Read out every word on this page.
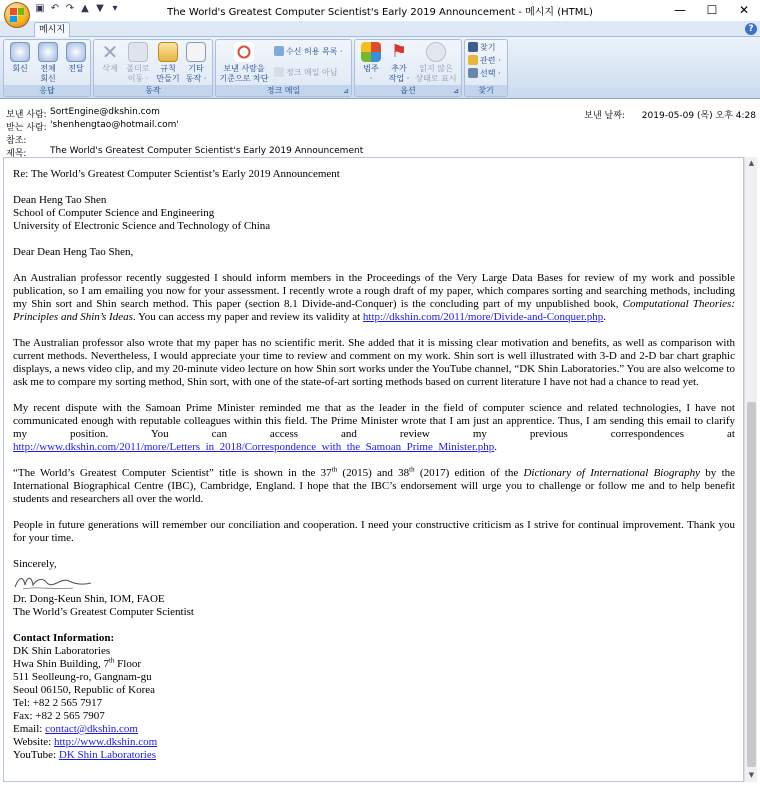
▣ ↶ ↷ ▲ ▼ ▾	The World's Greatest Computer Scientist's Early 2019 Announcement - 메시지 (HTML)	—	☐	✕
메시지	?
회신	전체
회신
전달
응답
✕
삭제	폴더로
이동 ·
규칙
만들기
기타
동작 ·
동작
보낸 사람을
기준으로 차단
수신 허용 목록 ·
정크 메일 아님
정크 메일	⊿
범주
·
⚑
추가
작업 ·
읽지 않은
상태로 표시
옵션	⊿
찾기
관련 ·
선택 ·
찾기
보낸 사람: SortEngine@dkshin.com
받는 사람: 'shenhengtao@hotmail.com'
참조:
제목:	The World's Greatest Computer Scientist's Early 2019 Announcement
보낸 날짜: 2019-05-09 (목) 오후 4:28

Re: The World’s Greatest Computer Scientist’s Early 2019 Announcement

Dean Heng Tao Shen
School of Computer Science and Engineering
University of Electronic Science and Technology of China

Dear Dean Heng Tao Shen,

An Australian professor recently suggested I should inform members in the Proceedings of the Very Large Data Bases for review of my work and possible publication, so I am emailing you now for your assessment. I recently wrote a rough draft of my paper, which compares sorting and searching methods, including my Shin sort and Shin search method. This paper (section 8.1 Divide-and-Conquer) is the concluding part of my unpublished book, Computational Theories: Principles and Shin’s Ideas. You can access my paper and review its validity at http://dkshin.com/2011/more/Divide-and-Conquer.php.

The Australian professor also wrote that my paper has no scientific merit. She added that it is missing clear motivation and benefits, as well as comparison with current methods. Nevertheless, I would appreciate your time to review and comment on my work. Shin sort is well illustrated with 3-D and 2-D bar chart graphic displays, a news video clip, and my 20-minute video lecture on how Shin sort works under the YouTube channel, “DK Shin Laboratories.” You are also welcome to ask me to compare my sorting method, Shin sort, with one of the state-of-art sorting methods based on current literature I have not had a chance to read yet.

My recent dispute with the Samoan Prime Minister reminded me that as the leader in the field of computer science and related technologies, I have not communicated enough with reputable colleagues within this field. The Prime Minister wrote that I am just an apprentice. Thus, I am sending this email to clarify my position. You can access and review my previous correspondences at http://www.dkshin.com/2011/more/Letters_in_2018/Correspondence_with_the_Samoan_Prime_Minister.php.

“The World’s Greatest Computer Scientist” title is shown in the 37th (2015) and 38th (2017) edition of the Dictionary of International Biography by the International Biographical Centre (IBC), Cambridge, England. I hope that the IBC’s endorsement will urge you to challenge or follow me and to help benefit students and researchers all over the world.

People in future generations will remember our conciliation and cooperation. I need your constructive criticism as I strive for continual improvement. Thank you for your time.

Sincerely,
Dr. Dong-Keun Shin, IOM, FAOE

The World’s Greatest Computer Scientist

Contact Information:
DK Shin Laboratories
Hwa Shin Building, 7th Floor
511 Seolleung-ro, Gangnam-gu
Seoul 06150, Republic of Korea
Tel: +82 2 565 7917
Fax: +82 2 565 7907
Email: contact@dkshin.com
Website: http://www.dkshin.com
YouTube: DK Shin Laboratories
▲
▼
